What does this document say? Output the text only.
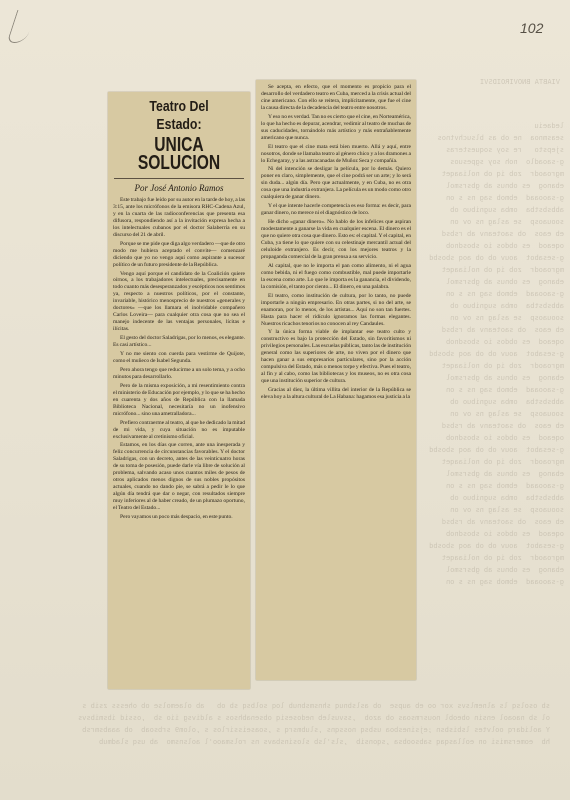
102
VIABTA BNOVIROIDSVI
ledaeiu
seasmnoa  ne ob as blsuchvtnos
sjepsto   re soy soquesteras
g-saoadlo  noh soy sgpesuos
mgroaodr  zob iq ob noliaaqet
ebanog  es obnus ab gbsrsmol
g-saooaad  ebmob sag ns s on
abbsbstba  omba sugnibuo ob
soouaosp  se aslag ns ov on
eb eaos  ob saoteanv ab rsbsd
oqeaod  es obdos io sbosdnob
g-sesabot  aouv ob ob aoq sbosbd
mgroaodr  zob iq ob noliaaqet
ebanog  es obnus ab gbsrsmol
g-saooaad  ebmob sag ns s on
abbsbstba  omba sugnibuo ob
soouaosp  se aslag ns ov on
eb eaos  ob saoteanv ab rsbsd
oqeaod  es obdos io sbosdnob
g-sesabot  aouv ob ob aoq sbosbd
mgroaodr  zob iq ob noliaaqet
ebanog  es obnus ab gbsrsmol
g-saooaad  ebmob sag ns s on
abbsbstba  omba sugnibuo ob
soouaosp  se aslag ns ov on
eb eaos  ob saoteanv ab rsbsd
oqeaod  es obdos io sbosdnob
g-sesabot  aouv ob ob aoq sbosbd
mgroaodr  zob iq ob noliaaqet
ebanog  es obnus ab gbsrsmol
g-saooaad  ebmob sag ns s on
abbsbstba  omba sugnibuo ob
soouaosp  se aslag ns ov on
eb eaos  ob saoteanv ab rsbsd
oqeaod  es obdos io sbosdnob
g-sesabot  aouv ob ob aoq sbosbd
mgroaodr  zob iq ob noliaaqet
ebanog  es obnus ab gbsrsmol
g-saooaad  ebmob sag ns s on
sb osolsq ls alnemlsvs xor oo eb aupse  ob aslsbnuq shnsmsbnub loq solbsq sb ob   ab olaemolse ob ohesss zsib s
ol sb naoaol ensin obeobl nousrmsoas ob azob  ,ssvusleb nedosesiq obsenabhsos s aldivsg iio sb  ,ossid ibsmibsvs
Y aolidarq oolvtes lsbisbsn ;ejsinesboa usbsq nossqns ,slubmsrq s ,soaseissirlos s ,olom9 srbsoab  ob aaabsmrsb
hb  eomersmisi on eollasqaq sabsoobsa ,sqonsib  ,sls'lsb slosinsbavs ns rolsmaoo'l aolsnsmo  ab usq sladmub
Teatro Del Estado:
UNICA SOLUCION
Por José Antonio Ramos

Este trabajo fue leído por su autor en la tarde de hoy, a las 3:15, ante los micrófonos de la emisora RHC-Cadena Azul, y en la cuarta de las radioconferencias que presenta esa difusora, respondiendo así a la invitación expresa hecha a los intelectuales cubanos por el doctor Salaberría en su discurso del 21 de abril.

Porque se me pide que diga algo verdadero —que de otro modo me hubiera aceptado el convite— comenzaré diciendo que yo no vengo aquí como aspirante a sucesor político de un futuro presidente de la República.

Vengo aquí porque el candidato de la Coalición quiere oírnos, a los trabajadores intelectuales, precisamente en todo cuanto más desesperanzados y escépticos nos sentimos ya, respecto a nuestros políticos, por el constante, invariable, histórico menosprecio de nuestros «generales y doctores» —que los llamara el inolvidable compañero Carlos Loveira— para cualquier otra cosa que no sea el manejo indecente de las ventajas personales, lícitas e ilícitas.

El gesto del doctor Saladrigas, por lo menos, es elegante. Es casi artístico...

Y no me siento con cuerda para vestirme de Quijote, como el muñeco de Isabel Segunda.

Pero ahora tengo que reducirme a un solo tema, y a ocho minutos para desarrollarlo.

Pero de la misma exposición, a mi resentimiento contra el ministerio de Educación por ejemplo, y lo que se ha hecho en cuarenta y dos años de República con la llamada Biblioteca Nacional, necesitaría no un inofensivo micrófono... sino una ametralladora...

Prefiero contraerme al teatro, al que he dedicado la mitad de mi vida, y cuya situación no es imputable exclusivamente al cretinismo oficial.

Estamos, en los días que corren, ante una inesperada y feliz concurrencia de circunstancias favorables. Y el doctor Saladrigas, con un decreto, antes de las veinticuatro horas de su toma de posesión, puede darle vía libre de solución al problema, salvando acaso unos cuantos miles de pesos de otros aplicados menos dignos de sus nobles propósitos actuales, cuando no dando pie, se sabrá a pedir le lo que algún día tendrá que dar o negar, con resultados siempre muy inferiores al de haber creado, de un plumazo oportuno, el Teatro del Estado...

Pero vayamos un poco más despacio, en este punto.

Se acepta, en efecto, que el momento es propicio para el desarrollo del verdadero teatro en Cuba, merced a la crisis actual del cine americano. Con ello se reitera, implícitamente, que fue el cine la causa directa de la decadencia del teatro entre nosotros.

Y eso no es verdad. Tan no es cierto que el cine, en Norteamérica, lo que ha hecho es depurar, acendrar, vedimir al teatro de muchas de sus caducidades, tornándolo más artístico y más entrañablemente americano que nunca.

El teatro que el cine mata está bien muerto. Allá y aquí, entre nosotros, donde se llamaba teatro al género chico y a los dramones a lo Echegaray, y a las astracanadas de Muñoz Seca y compañía.

Ni del intención se desligar la película, por lo demás. Quiero poner en claro, simplemente, que el cine podrá ser un arte; y lo será sin duda... algún día. Pero que actualmente, y en Cuba, no es otra cosa que una industria extranjera. La película es un modo como otro cualquiera de ganar dinero.

Y el que intente hacerle competencia es eso forma: es decir, para ganar dinero, no merece ni el diagnóstico de loco.

He dicho «ganar dinero». No hablo de los infelices que aspiran modestamente a ganarse la vida en cualquier escena. El dinero es el que no quiere otra cosa que dinero. Esto es: el capital. Y el capital, en Cuba, ya tiene lo que quiere con su celestinaje mercantil actual del celuloide extranjero. Es decir, con los mejores teatros y la propaganda comercial de la gran prensa a su servicio.

Al capital, que no le importa el pan como alimento, ni el agua como bebida, ni el fuego como combustible, mal puede importarle la escena como arte. Lo que le importa es la ganancia, el dividendo, la comisión, el tanto por ciento... El dinero, en una palabra.

El teatro, como institución de cultura, por lo tanto, no puede importarle a ningún empresario. En otras partes, si no del arte, se enamoran, por lo menos, de los artistas... Aquí no son tan fuertes. Hasta para hacer el ridículo ignoramos las formas elegantes. Nuestros ricachos tenorios no conocen al rey Candaules.

Y la única forma viable de implantar ese teatro culto y constructivo es bajo la protección del Estado, sin favoritismos ni privilegios personales. Las escuelas públicas, tanto las de institución general como las superiores de arte, no viven por el dinero que hacen ganar a sus empresarios particulares, sino por la acción compulsiva del Estado, más o menos torpe y efectiva. Pues el teatro, al fin y al cabo, como las bibliotecas y los museos, no es otra cosa que una institución superior de cultura.

Gracias al diez, la última villita del interior de la República se eleva hoy a la altura cultural de La Habana: hagamos esa justicia a la
